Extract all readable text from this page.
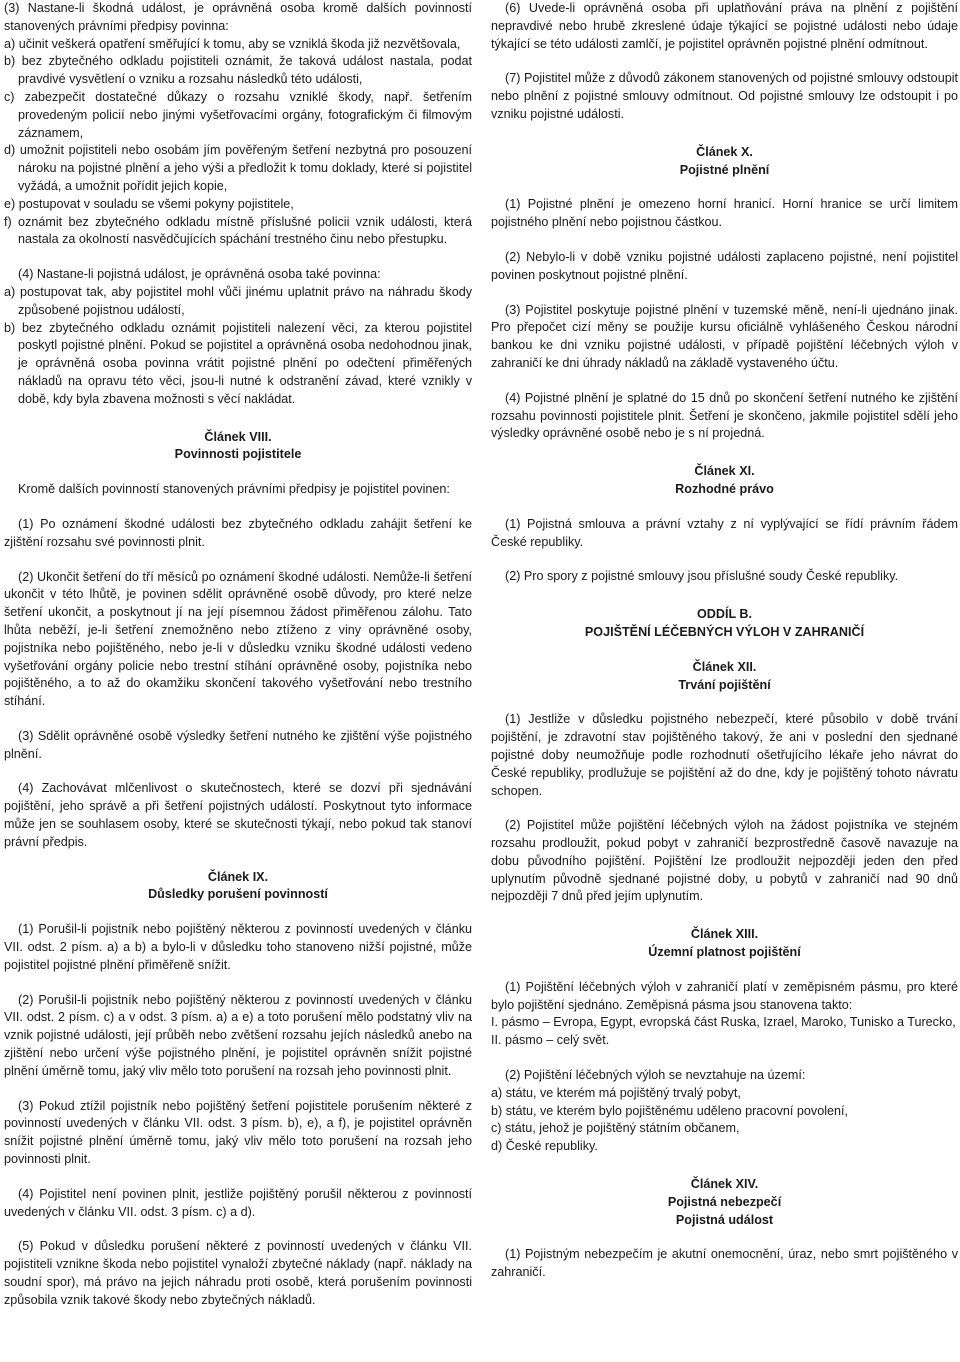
(3) Nastane-li škodná událost, je oprávněná osoba kromě dalších povinností stanovených právními předpisy povinna:

a) učinit veškerá opatření směřující k tomu, aby se vzniklá škoda již nezvětšovala,

b) bez zbytečného odkladu pojistiteli oznámit, že taková událost nastala, podat pravdivé vysvětlení o vzniku a rozsahu následků této události,

c) zabezpečit dostatečné důkazy o rozsahu vzniklé škody, např. šetřením provedeným policií nebo jinými vyšetřovacími orgány, fotografickým či filmovým záznamem,

d) umožnit pojistiteli nebo osobám jím pověřeným šetření nezbytná pro posouzení nároku na pojistné plnění a jeho výši a předložit k tomu doklady, které si pojistitel vyžádá, a umožnit pořídit jejich kopie,

e) postupovat v souladu se všemi pokyny pojistitele,

f) oznámit bez zbytečného odkladu místně příslušné policii vznik události, která nastala za okolností nasvědčujících spáchání trestného činu nebo přestupku.

(4) Nastane-li pojistná událost, je oprávněná osoba také povinna:

a) postupovat tak, aby pojistitel mohl vůči jinému uplatnit právo na náhradu škody způsobené pojistnou událostí,

b) bez zbytečného odkladu oznámit pojistiteli nalezení věci, za kterou pojistitel poskytl pojistné plnění. Pokud se pojistitel a oprávněná osoba nedohodnou jinak, je oprávněná osoba povinna vrátit pojistné plnění po odečtení přiměřených nákladů na opravu této věci, jsou-li nutné k odstranění závad, které vznikly v době, kdy byla zbavena možnosti s věcí nakládat.

Článek VIII.

Povinnosti pojistitele

Kromě dalších povinností stanovených právními předpisy je pojistitel povinen:

(1) Po oznámení škodné události bez zbytečného odkladu zahájit šetření ke zjištění rozsahu své povinnosti plnit.

(2) Ukončit šetření do tří měsíců po oznámení škodné události. Nemůže-li šetření ukončit v této lhůtě, je povinen sdělit oprávněné osobě důvody, pro které nelze šetření ukončit, a poskytnout jí na její písemnou žádost přiměřenou zálohu. Tato lhůta neběží, je-li šetření znemožněno nebo ztíženo z viny oprávněné osoby, pojistníka nebo pojištěného, nebo je-li v důsledku vzniku škodné události vedeno vyšetřování orgány policie nebo trestní stíhání oprávněné osoby, pojistníka nebo pojištěného, a to až do okamžiku skončení takového vyšetřování nebo trestního stíhání.

(3) Sdělit oprávněné osobě výsledky šetření nutného ke zjištění výše pojistného plnění.

(4) Zachovávat mlčenlivost o skutečnostech, které se dozví při sjednávání pojištění, jeho správě a při šetření pojistných událostí. Poskytnout tyto informace může jen se souhlasem osoby, které se skutečnosti týkají, nebo pokud tak stanoví právní předpis.

Článek IX.

Důsledky porušení povinností

(1) Porušil-li pojistník nebo pojištěný některou z povinností uvedených v článku VII. odst. 2 písm. a) a b) a bylo-li v důsledku toho stanoveno nižší pojistné, může pojistitel pojistné plnění přiměřeně snížit.

(2) Porušil-li pojistník nebo pojištěný některou z povinností uvedených v článku VII. odst. 2 písm. c) a v odst. 3 písm. a) a e) a toto porušení mělo podstatný vliv na vznik pojistné události, její průběh nebo zvětšení rozsahu jejích následků anebo na zjištění nebo určení výše pojistného plnění, je pojistitel oprávněn snížit pojistné plnění úměrně tomu, jaký vliv mělo toto porušení na rozsah jeho povinnosti plnit.

(3) Pokud ztížil pojistník nebo pojištěný šetření pojistitele porušením některé z povinností uvedených v článku VII. odst. 3 písm. b), e), a f), je pojistitel oprávněn snížit pojistné plnění úměrně tomu, jaký vliv mělo toto porušení na rozsah jeho povinnosti plnit.

(4) Pojistitel není povinen plnit, jestliže pojištěný porušil některou z povinností uvedených v článku VII. odst. 3 písm. c) a d).

(5) Pokud v důsledku porušení některé z povinností uvedených v článku VII. pojistiteli vznikne škoda nebo pojistitel vynaloží zbytečné náklady (např. náklady na soudní spor), má právo na jejich náhradu proti osobě, která porušením povinnosti způsobila vznik takové škody nebo zbytečných nákladů.

(6) Uvede-li oprávněná osoba při uplatňování práva na plnění z pojištění nepravdivé nebo hrubě zkreslené údaje týkající se pojistné události nebo údaje týkající se této události zamlčí, je pojistitel oprávněn pojistné plnění odmítnout.

(7) Pojistitel může z důvodů zákonem stanovených od pojistné smlouvy odstoupit nebo plnění z pojistné smlouvy odmítnout. Od pojistné smlouvy lze odstoupit i po vzniku pojistné události.

Článek X.

Pojistné plnění

(1) Pojistné plnění je omezeno horní hranicí. Horní hranice se určí limitem pojistného plnění nebo pojistnou částkou.

(2) Nebylo-li v době vzniku pojistné události zaplaceno pojistné, není pojistitel povinen poskytnout pojistné plnění.

(3) Pojistitel poskytuje pojistné plnění v tuzemské měně, není-li ujednáno jinak. Pro přepočet cizí měny se použije kursu oficiálně vyhlášeného Českou národní bankou ke dni vzniku pojistné události, v případě pojištění léčebných výloh v zahraničí ke dni úhrady nákladů na základě vystaveného účtu.

(4) Pojistné plnění je splatné do 15 dnů po skončení šetření nutného ke zjištění rozsahu povinnosti pojistitele plnit. Šetření je skončeno, jakmile pojistitel sdělí jeho výsledky oprávněné osobě nebo je s ní projedná.

Článek XI.

Rozhodné právo

(1) Pojistná smlouva a právní vztahy z ní vyplývající se řídí právním řádem České republiky.

(2) Pro spory z pojistné smlouvy jsou příslušné soudy České republiky.

ODDÍL B.

POJIŠTĚNÍ LÉČEBNÝCH VÝLOH V ZAHRANIČÍ

Článek XII.

Trvání pojištění

(1) Jestliže v důsledku pojistného nebezpečí, které působilo v době trvání pojištění, je zdravotní stav pojištěného takový, že ani v poslední den sjednané pojistné doby neumožňuje podle rozhodnutí ošetřujícího lékaře jeho návrat do České republiky, prodlužuje se pojištění až do dne, kdy je pojištěný tohoto návratu schopen.

(2) Pojistitel může pojištění léčebných výloh na žádost pojistníka ve stejném rozsahu prodloužit, pokud pobyt v zahraničí bezprostředně časově navazuje na dobu původního pojištění. Pojištění lze prodloužit nejpozději jeden den před uplynutím původně sjednané pojistné doby, u pobytů v zahraničí nad 90 dnů nejpozději 7 dnů před jejím uplynutím.

Článek XIII.

Územní platnost pojištění

(1) Pojištění léčebných výloh v zahraničí platí v zeměpisném pásmu, pro které bylo pojištění sjednáno. Zeměpisná pásma jsou stanovena takto:

I. pásmo – Evropa, Egypt, evropská část Ruska, Izrael, Maroko, Tunisko a Turecko,

II. pásmo – celý svět.

(2) Pojištění léčebných výloh se nevztahuje na území:

a) státu, ve kterém má pojištěný trvalý pobyt,

b) státu, ve kterém bylo pojištěnému uděleno pracovní povolení,

c) státu, jehož je pojištěný státním občanem,

d) České republiky.

Článek XIV.

Pojistná nebezpečí

Pojistná událost

(1) Pojistným nebezpečím je akutní onemocnění, úraz, nebo smrt pojištěného v zahraničí.
